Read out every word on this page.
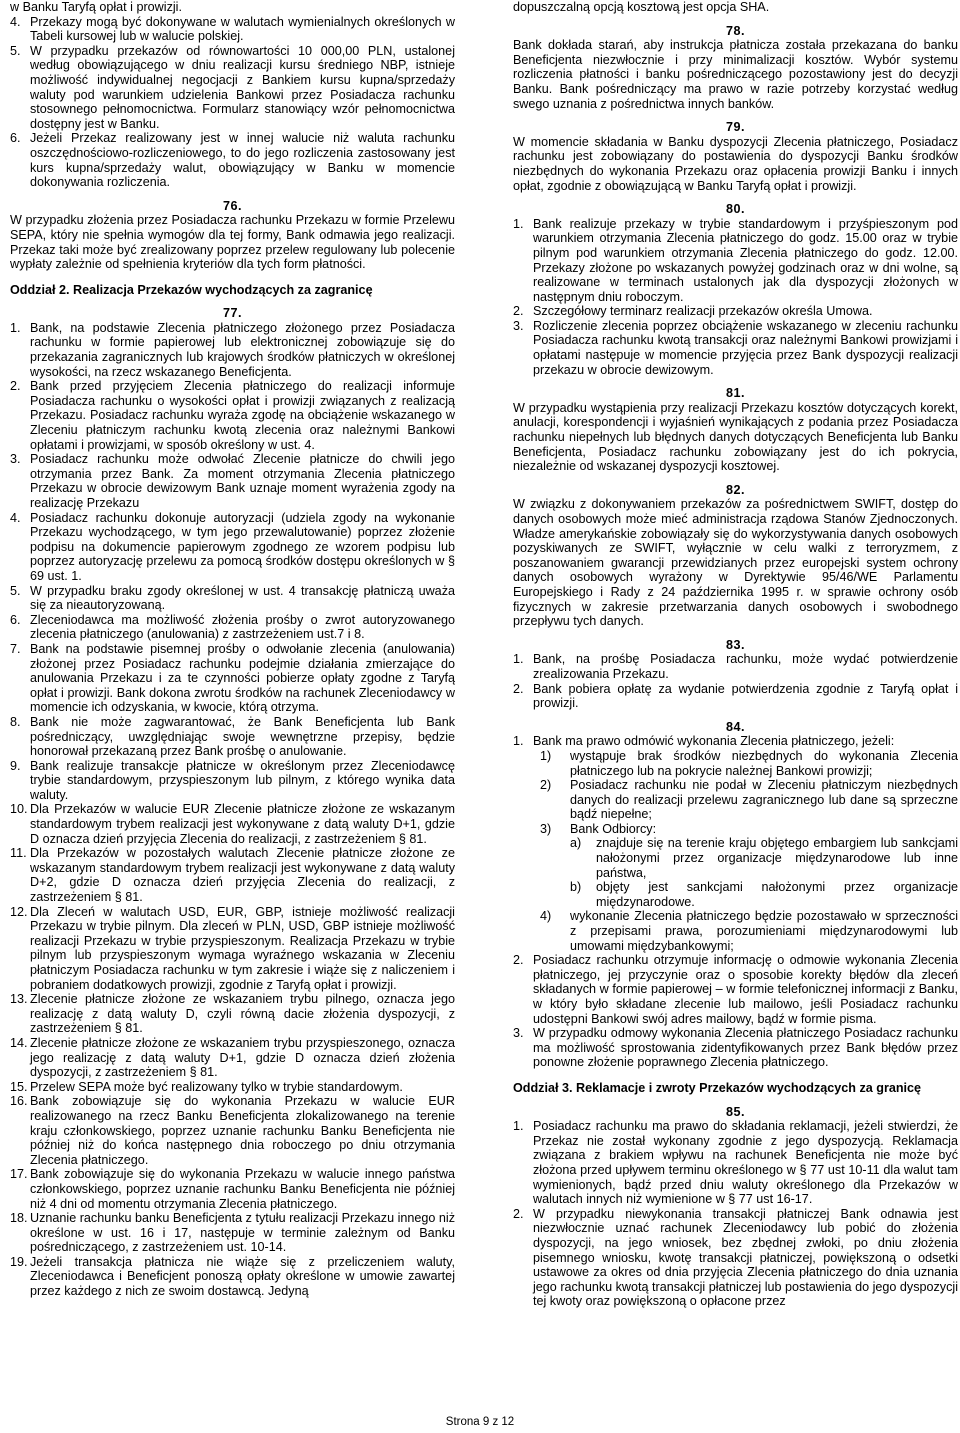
w Banku Taryfą opłat i prowizji.

4. Przekazy mogą być dokonywane w walutach wymienialnych określonych w Tabeli kursowej lub w walucie polskiej.
5. W przypadku przekazów od równowartości 10 000,00 PLN, ustalonej według obowiązującego w dniu realizacji kursu średniego NBP, istnieje możliwość indywidualnej negocjacji z Bankiem kursu kupna/sprzedaży waluty pod warunkiem udzielenia Bankowi przez Posiadacza rachunku stosownego pełnomocnictwa. Formularz stanowiący wzór pełnomocnictwa dostępny jest w Banku.
6. Jeżeli Przekaz realizowany jest w innej walucie niż waluta rachunku oszczędnościowo-rozliczeniowego, to do jego rozliczenia zastosowany jest kurs kupna/sprzedaży walut, obowiązujący w Banku w momencie dokonywania rozliczenia.
76.

W przypadku złożenia przez Posiadacza rachunku Przekazu w formie Przelewu SEPA, który nie spełnia wymogów dla tej formy, Bank odmawia jego realizacji. Przekaz taki może być zrealizowany poprzez przelew regulowany lub polecenie wypłaty zależnie od spełnienia kryteriów dla tych form płatności.

Oddział 2. Realizacja Przekazów wychodzących za zagranicę
77.
1. Bank, na podstawie Zlecenia płatniczego złożonego przez Posiadacza rachunku w formie papierowej lub elektronicznej zobowiązuje się do przekazania zagranicznych lub krajowych środków płatniczych w określonej wysokości, na rzecz wskazanego Beneficjenta.
2. Bank przed przyjęciem Zlecenia płatniczego do realizacji informuje Posiadacza rachunku o wysokości opłat i prowizji związanych z realizacją Przekazu. Posiadacz rachunku wyraża zgodę na obciążenie wskazanego w Zleceniu płatniczym rachunku kwotą zlecenia oraz należnymi Bankowi opłatami i prowizjami, w sposób określony w ust. 4.
3. Posiadacz rachunku może odwołać Zlecenie płatnicze do chwili jego otrzymania przez Bank. Za moment otrzymania Zlecenia płatniczego Przekazu w obrocie dewizowym Bank uznaje moment wyrażenia zgody na realizację Przekazu
4. Posiadacz rachunku dokonuje autoryzacji (udziela zgody na wykonanie Przekazu wychodzącego, w tym jego przewalutowanie) poprzez złożenie podpisu na dokumencie papierowym zgodnego ze wzorem podpisu lub poprzez autoryzację przelewu za pomocą środków dostępu określonych w § 69 ust. 1.
5. W przypadku braku zgody określonej w ust. 4 transakcję płatniczą uważa się za nieautoryzowaną.
6. Zleceniodawca ma możliwość złożenia prośby o zwrot autoryzowanego zlecenia płatniczego (anulowania) z zastrzeżeniem ust.7 i 8.
7. Bank na podstawie pisemnej prośby o odwołanie zlecenia (anulowania) złożonej przez Posiadacz rachunku podejmie działania zmierzające do anulowania Przekazu i za te czynności pobierze opłaty zgodne z Taryfą opłat i prowizji. Bank dokona zwrotu środków na rachunek Zleceniodawcy w momencie ich odzyskania, w kwocie, którą otrzyma.
8. Bank nie może zagwarantować, że Bank Beneficjenta lub Bank pośredniczący, uwzględniając swoje wewnętrzne przepisy, będzie honorował przekazaną przez Bank prośbę o anulowanie.
9. Bank realizuje transakcje płatnicze w określonym przez Zleceniodawcę trybie standardowym, przyspieszonym lub pilnym, z którego wynika data waluty.
10. Dla Przekazów w walucie EUR Zlecenie płatnicze złożone ze wskazanym standardowym trybem realizacji jest wykonywane z datą waluty D+1, gdzie D oznacza dzień przyjęcia Zlecenia do realizacji, z zastrzeżeniem § 81.
11. Dla Przekazów w pozostałych walutach Zlecenie płatnicze złożone ze wskazanym standardowym trybem realizacji jest wykonywane z datą waluty D+2, gdzie D oznacza dzień przyjęcia Zlecenia do realizacji, z zastrzeżeniem § 81.
12. Dla Zleceń w walutach USD, EUR, GBP, istnieje możliwość realizacji Przekazu w trybie pilnym. Dla zleceń w PLN, USD, GBP istnieje możliwość realizacji Przekazu w trybie przyspieszonym. Realizacja Przekazu w trybie pilnym lub przyspieszonym wymaga wyraźnego wskazania w Zleceniu płatniczym Posiadacza rachunku w tym zakresie i wiąże się z naliczeniem i pobraniem dodatkowych prowizji, zgodnie z Taryfą opłat i prowizji.
13. Zlecenie płatnicze złożone ze wskazaniem trybu pilnego, oznacza jego realizację z datą waluty D, czyli równą dacie złożenia dyspozycji, z zastrzeżeniem § 81.
14. Zlecenie płatnicze złożone ze wskazaniem trybu przyspieszonego, oznacza jego realizację z datą waluty D+1, gdzie D oznacza dzień złożenia dyspozycji, z zastrzeżeniem § 81.
15. Przelew SEPA może być realizowany tylko w trybie standardowym.
16. Bank zobowiązuje się do wykonania Przekazu w walucie EUR realizowanego na rzecz Banku Beneficjenta zlokalizowanego na terenie kraju członkowskiego, poprzez uznanie rachunku Banku Beneficjenta nie później niż do końca następnego dnia roboczego po dniu otrzymania Zlecenia płatniczego.
17. Bank zobowiązuje się do wykonania Przekazu w walucie innego państwa członkowskiego, poprzez uznanie rachunku Banku Beneficjenta nie później niż 4 dni od momentu otrzymania Zlecenia płatniczego.
18. Uznanie rachunku banku Beneficjenta z tytułu realizacji Przekazu innego niż określone w ust. 16 i 17, następuje w terminie zależnym od Banku pośredniczącego, z zastrzeżeniem ust. 10-14.
19. Jeżeli transakcja płatnicza nie wiąże się z przeliczeniem waluty, Zleceniodawca i Beneficjent ponoszą opłaty określone w umowie zawartej przez każdego z nich ze swoim dostawcą. Jedyną

dopuszczalną opcją kosztową jest opcja SHA.

78.

Bank dokłada starań, aby instrukcja płatnicza została przekazana do banku Beneficjenta niezwłocznie i przy minimalizacji kosztów. Wybór systemu rozliczenia płatności i banku pośredniczącego pozostawiony jest do decyzji Banku. Bank pośredniczący ma prawo w razie potrzeby korzystać według swego uznania z pośrednictwa innych banków.

79.

W momencie składania w Banku dyspozycji Zlecenia płatniczego, Posiadacz rachunku jest zobowiązany do postawienia do dyspozycji Banku środków niezbędnych do wykonania Przekazu oraz opłacenia prowizji Banku i innych opłat, zgodnie z obowiązującą w Banku Taryfą opłat i prowizji.

80.
1. Bank realizuje przekazy w trybie standardowym i przyśpieszonym pod warunkiem otrzymania Zlecenia płatniczego do godz. 15.00 oraz w trybie pilnym pod warunkiem otrzymania Zlecenia płatniczego do godz. 12.00. Przekazy złożone po wskazanych powyżej godzinach oraz w dni wolne, są realizowane w terminach ustalonych jak dla dyspozycji złożonych w następnym dniu roboczym.
2. Szczegółowy terminarz realizacji przekazów określa Umowa.
3. Rozliczenie zlecenia poprzez obciążenie wskazanego w zleceniu rachunku Posiadacza rachunku kwotą transakcji oraz należnymi Bankowi prowizjami i opłatami następuje w momencie przyjęcia przez Bank dyspozycji realizacji przekazu w obrocie dewizowym.
81.

W przypadku wystąpienia przy realizacji Przekazu kosztów dotyczących korekt, anulacji, korespondencji i wyjaśnień wynikających z podania przez Posiadacza rachunku niepełnych lub błędnych danych dotyczących Beneficjenta lub Banku Beneficjenta, Posiadacz rachunku zobowiązany jest do ich pokrycia, niezależnie od wskazanej dyspozycji kosztowej.

82.

W związku z dokonywaniem przekazów za pośrednictwem SWIFT, dostęp do danych osobowych może mieć administracja rządowa Stanów Zjednoczonych. Władze amerykańskie zobowiązały się do wykorzystywania danych osobowych pozyskiwanych ze SWIFT, wyłącznie w celu walki z terroryzmem, z poszanowaniem gwarancji przewidzianych przez europejski system ochrony danych osobowych wyrażony w Dyrektywie 95/46/WE Parlamentu Europejskiego i Rady z 24 października 1995 r. w sprawie ochrony osób fizycznych w zakresie przetwarzania danych osobowych i swobodnego przepływu tych danych.

83.
1. Bank, na prośbę Posiadacza rachunku, może wydać potwierdzenie zrealizowania Przekazu.
2. Bank pobiera opłatę za wydanie potwierdzenia zgodnie z Taryfą opłat i prowizji.
84.
1. Bank ma prawo odmówić wykonania Zlecenia płatniczego, jeżeli:
1)	wystąpuje brak środków niezbędnych do wykonania Zlecenia płatniczego lub na pokrycie należnej Bankowi prowizji;
2)	Posiadacz rachunku nie podał w Zleceniu płatniczym niezbędnych danych do realizacji przelewu zagranicznego lub dane są sprzeczne bądź niepełne;
3)	Bank Odbiorcy:
a)	znajduje się na terenie kraju objętego embargiem lub sankcjami nałożonymi przez organizacje międzynarodowe lub inne państwa,
b)	objęty jest sankcjami nałożonymi przez organizacje międzynarodowe.
4)	wykonanie Zlecenia płatniczego będzie pozostawało w sprzeczności z przepisami prawa, porozumieniami międzynarodowymi lub umowami międzybankowymi;
2. Posiadacz rachunku otrzymuje informację o odmowie wykonania Zlecenia płatniczego, jej przyczynie oraz o sposobie korekty błędów dla zleceń składanych w formie papierowej – w formie telefonicznej informacji z Banku, w który było składane zlecenie lub mailowo, jeśli Posiadacz rachunku udostępni Bankowi swój adres mailowy, bądź w formie pisma.
3. W przypadku odmowy wykonania Zlecenia płatniczego Posiadacz rachunku ma możliwość sprostowania zidentyfikowanych przez Bank błędów przez ponowne złożenie poprawnego Zlecenia płatniczego.
Oddział 3. Reklamacje i zwroty Przekazów wychodzących za granicę
85.
1. Posiadacz rachunku ma prawo do składania reklamacji, jeżeli stwierdzi, że Przekaz nie został wykonany zgodnie z jego dyspozycją. Reklamacja związana z brakiem wpływu na rachunek Beneficjenta nie może być złożona przed upływem terminu określonego w § 77 ust 10-11 dla walut tam wymienionych, bądź przed dniu waluty określonego dla Przekazów w walutach innych niż wymienione w § 77 ust 16-17.
2. W przypadku niewykonania transakcji płatniczej Bank odnawia jest niezwłocznie uznać rachunek Zleceniodawcy lub pobić do złożenia dyspozycji, na jego wniosek, bez zbędnej zwłoki, po dniu złożenia pisemnego wniosku, kwotę transakcji płatniczej, powiększoną o odsetki ustawowe za okres od dnia przyjęcia Zlecenia płatniczego do dnia uznania jego rachunku kwotą transakcji płatniczej lub postawienia do jego dyspozycji tej kwoty oraz powiększoną o opłacone przez
Strona 9 z 12
